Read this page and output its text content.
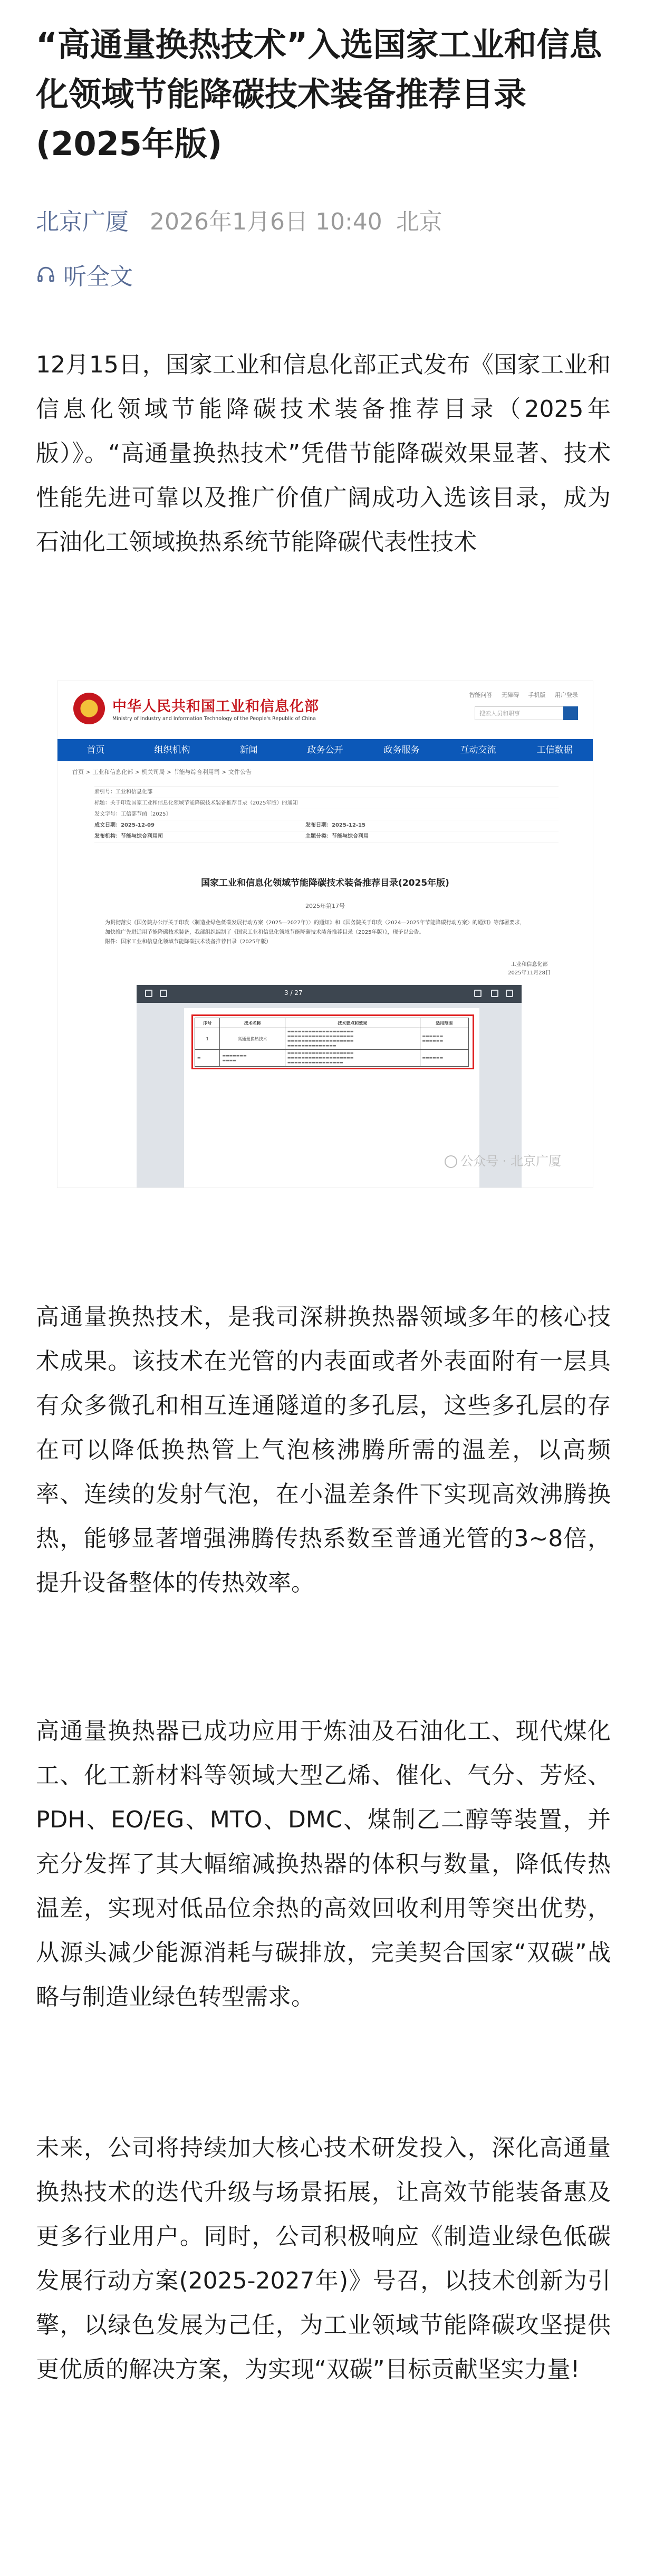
“高通量换热技术”入选国家工业和信息化领域节能降碳技术装备推荐目录(2025年版)
北京广厦 2026年1月6日 10:40 北京
听全文

12月15日，国家工业和信息化部正式发布《国家工业和信息化领域节能降碳技术装备推荐目录（2025年版）》。“高通量换热技术”凭借节能降碳效果显著、技术性能先进可靠以及推广价值广阔成功入选该目录，成为石油化工领域换热系统节能降碳代表性技术

中华人民共和国工业和信息化部
Ministry of Industry and Information Technology of the People's Republic of China
智能问答 无障碍 手机版 用户登录
搜索人员和职事
首页	组织机构	新闻	政务公开	政务服务	互动交流	工信数据
首页 > 工业和信息化部 > 机关司局 > 节能与综合利用司 > 文件公告
索引号：工业和信息化部
标题：关于印发国家工业和信息化领域节能降碳技术装备推荐目录（2025年版）的通知
发文字号：工信部节函〔2025〕
成文日期：2025-12-09	发布日期：2025-12-15
发布机构：节能与综合利用司	主题分类：节能与综合利用
国家工业和信息化领域节能降碳技术装备推荐目录(2025年版)
2025年第17号
为贯彻落实《国务院办公厅关于印发〈制造业绿色低碳发展行动方案（2025—2027年）〉的通知》和《国务院关于印发〈2024—2025年节能降碳行动方案〉的通知》等部署要求，
加快推广先进适用节能降碳技术装备，我部组织编制了《国家工业和信息化领域节能降碳技术装备推荐目录（2025年版）》，现予以公告。
附件：国家工业和信息化领域节能降碳技术装备推荐目录（2025年版）
工业和信息化部
2025年11月28日
3 / 27
序号	技术名称	技术要点和效果	适用范围
1	高通量换热技术	▬▬▬▬▬▬▬▬▬▬▬▬▬▬▬▬▬▬▬
▬▬▬▬▬▬▬▬▬▬▬▬▬▬▬▬▬▬▬
▬▬▬▬▬▬▬▬▬▬▬▬▬▬▬▬▬▬▬
▬▬▬▬▬▬▬▬▬▬▬▬▬▬	▬▬▬▬▬▬
▬▬▬▬▬▬
▬	▬▬▬▬▬▬▬
▬▬▬▬	▬▬▬▬▬▬▬▬▬▬▬▬▬▬▬▬▬▬▬
▬▬▬▬▬▬▬▬▬▬▬▬▬▬▬▬▬▬▬
▬▬▬▬▬▬▬▬▬▬▬▬▬▬▬▬	▬▬▬▬▬▬
公众号 · 北京广厦

高通量换热技术，是我司深耕换热器领域多年的核心技术成果。该技术在光管的内表面或者外表面附有一层具有众多微孔和相互连通隧道的多孔层，这些多孔层的存在可以降低换热管上气泡核沸腾所需的温差，以高频率、连续的发射气泡，在小温差条件下实现高效沸腾换热，能够显著增强沸腾传热系数至普通光管的3~8倍，提升设备整体的传热效率。

高通量换热器已成功应用于炼油及石油化工、现代煤化工、化工新材料等领域大型乙烯、催化、气分、芳烃、PDH、EO/EG、MTO、DMC、煤制乙二醇等装置，并充分发挥了其大幅缩减换热器的体积与数量，降低传热温差，实现对低品位余热的高效回收利用等突出优势，从源头减少能源消耗与碳排放，完美契合国家“双碳”战略与制造业绿色转型需求。

未来，公司将持续加大核心技术研发投入，深化高通量换热技术的迭代升级与场景拓展，让高效节能装备惠及更多行业用户。同时，公司积极响应《制造业绿色低碳发展行动方案(2025-2027年)》号召，以技术创新为引擎，以绿色发展为己任，为工业领域节能降碳攻坚提供更优质的解决方案，为实现“双碳”目标贡献坚实力量!
